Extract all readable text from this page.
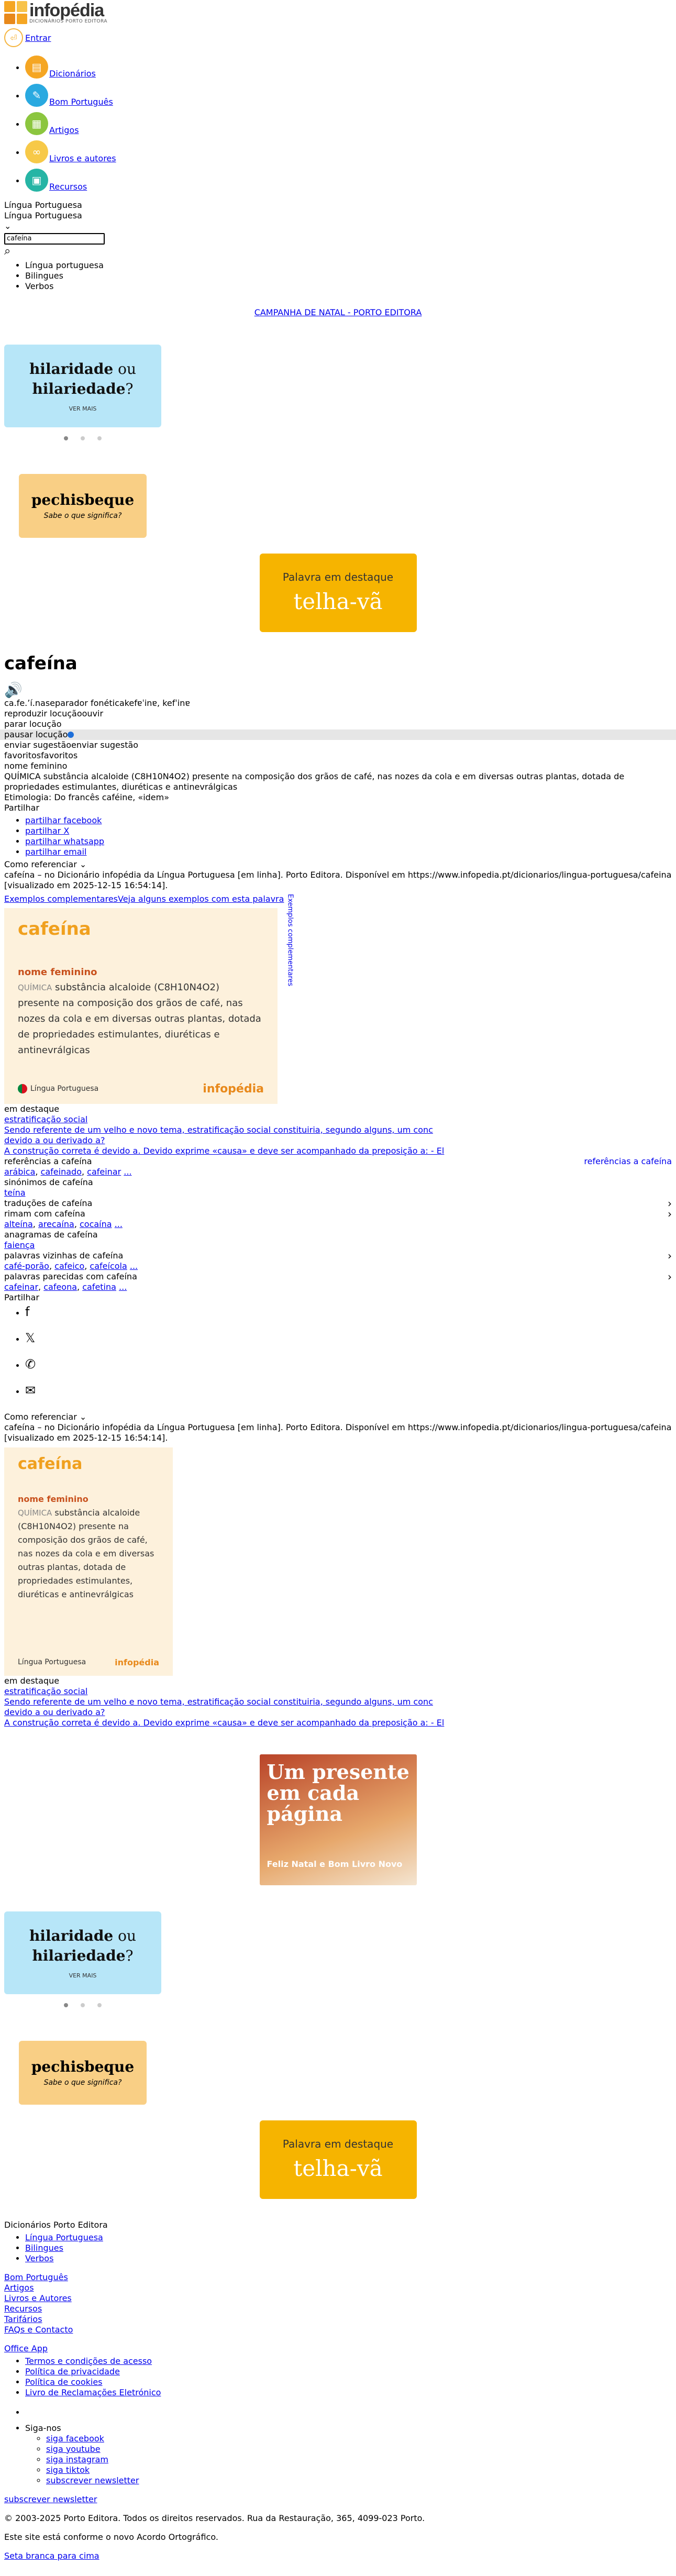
infopédia
DICIONÁRIOS PORTO EDITORA
⏎ Entrar
• ▤
Dicionários
• ✎
Bom Português
• ▦
Artigos
• ∞
Livros e autores
• ▣
Recursos
Língua Portuguesa
Língua Portuguesa
⌄
cafeína
⌕
• Língua portuguesa
• Bilingues
• Verbos
CAMPANHA DE NATAL - PORTO EDITORA
hilaridade ou
hilariedade?
VER MAIS
pechisbeque
Sabe o que significa?
Palavra em destaque
telha-vã
cafeína
🔊
ca.fe.ʼí.naseparador fonéticakefɐˈinɐ, kefˈinɐ
reproduzir locuçãoouvir
parar locução
pausar locução
enviar sugestãoenviar sugestão
favoritosfavoritos
nome feminino
QUÍMICA substância alcaloide (C8H10N4O2) presente na composição dos grãos de café, nas nozes da cola e em diversas outras plantas, dotada de propriedades estimulantes, diuréticas e antinevrálgicas
Etimologia: Do francês caféine, «idem»
Partilhar
• partilhar facebook
• partilhar X
• partilhar whatsapp
• partilhar email
Como referenciar ⌄
cafeína – no Dicionário infopédia da Língua Portuguesa [em linha]. Porto Editora. Disponível em https://www.infopedia.pt/dicionarios/lingua-portuguesa/cafeina [visualizado em 2025-12-15 16:54:14].
Exemplos complementaresVeja alguns exemplos com esta palavra
cafeína
nome feminino
QUÍMICA substância alcaloide (C8H10N4O2) presente na composição dos grãos de café, nas nozes da cola e em diversas outras plantas, dotada de propriedades estimulantes, diuréticas e antinevrálgicas
Língua Portuguesa	infopédia
Exemplos complementares
em destaque
estratificação social
Sendo referente de um velho e novo tema, estratificação social constituiria, segundo alguns, um conc
devido a ou derivado a?
A construção correta é devido a. Devido exprime «causa» e deve ser acompanhado da preposição a: - El
referências a cafeína	referências a cafeína
arábica, cafeinado, cafeinar ...
sinónimos de cafeína
teína
traduções de cafeína	›
rimam com cafeína	›
alteína, arecaína, cocaína ...
anagramas de cafeína
faiença
palavras vizinhas de cafeína	›
café-porão, cafeico, cafeícola ...
palavras parecidas com cafeína	›
cafeinar, cafeona, cafetina ...
Partilhar
• f
• 𝕏
• ✆
• ✉
Como referenciar ⌄
cafeína – no Dicionário infopédia da Língua Portuguesa [em linha]. Porto Editora. Disponível em https://www.infopedia.pt/dicionarios/lingua-portuguesa/cafeina [visualizado em 2025-12-15 16:54:14].
cafeína
nome feminino
QUÍMICA substância alcaloide (C8H10N4O2) presente na composição dos grãos de café, nas nozes da cola e em diversas outras plantas, dotada de propriedades estimulantes, diuréticas e antinevrálgicas
Língua Portuguesa	infopédia
em destaque
estratificação social
Sendo referente de um velho e novo tema, estratificação social constituiria, segundo alguns, um conc
devido a ou derivado a?
A construção correta é devido a. Devido exprime «causa» e deve ser acompanhado da preposição a: - El
Um presente em cada página
Feliz Natal e Bom Livro Novo
hilaridade ou
hilariedade?
VER MAIS
pechisbeque
Sabe o que significa?
Palavra em destaque
telha-vã
Dicionários Porto Editora
• Língua Portuguesa
• Bilingues
• Verbos
Bom Português
Artigos
Livros e Autores
Recursos
Tarifários
FAQs e Contacto
Office App
• Termos e condições de acesso
• Política de privacidade
• Política de cookies
• Livro de Reclamações Eletrónico
•
• Siga-nos
◦ siga facebook
◦ siga youtube
◦ siga instagram
◦ siga tiktok
◦ subscrever newsletter

subscrever newsletter

© 2003-2025 Porto Editora. Todos os direitos reservados. Rua da Restauração, 365, 4099-023 Porto.

Este site está conforme o novo Acordo Ortográfico.

Seta branca para cima
